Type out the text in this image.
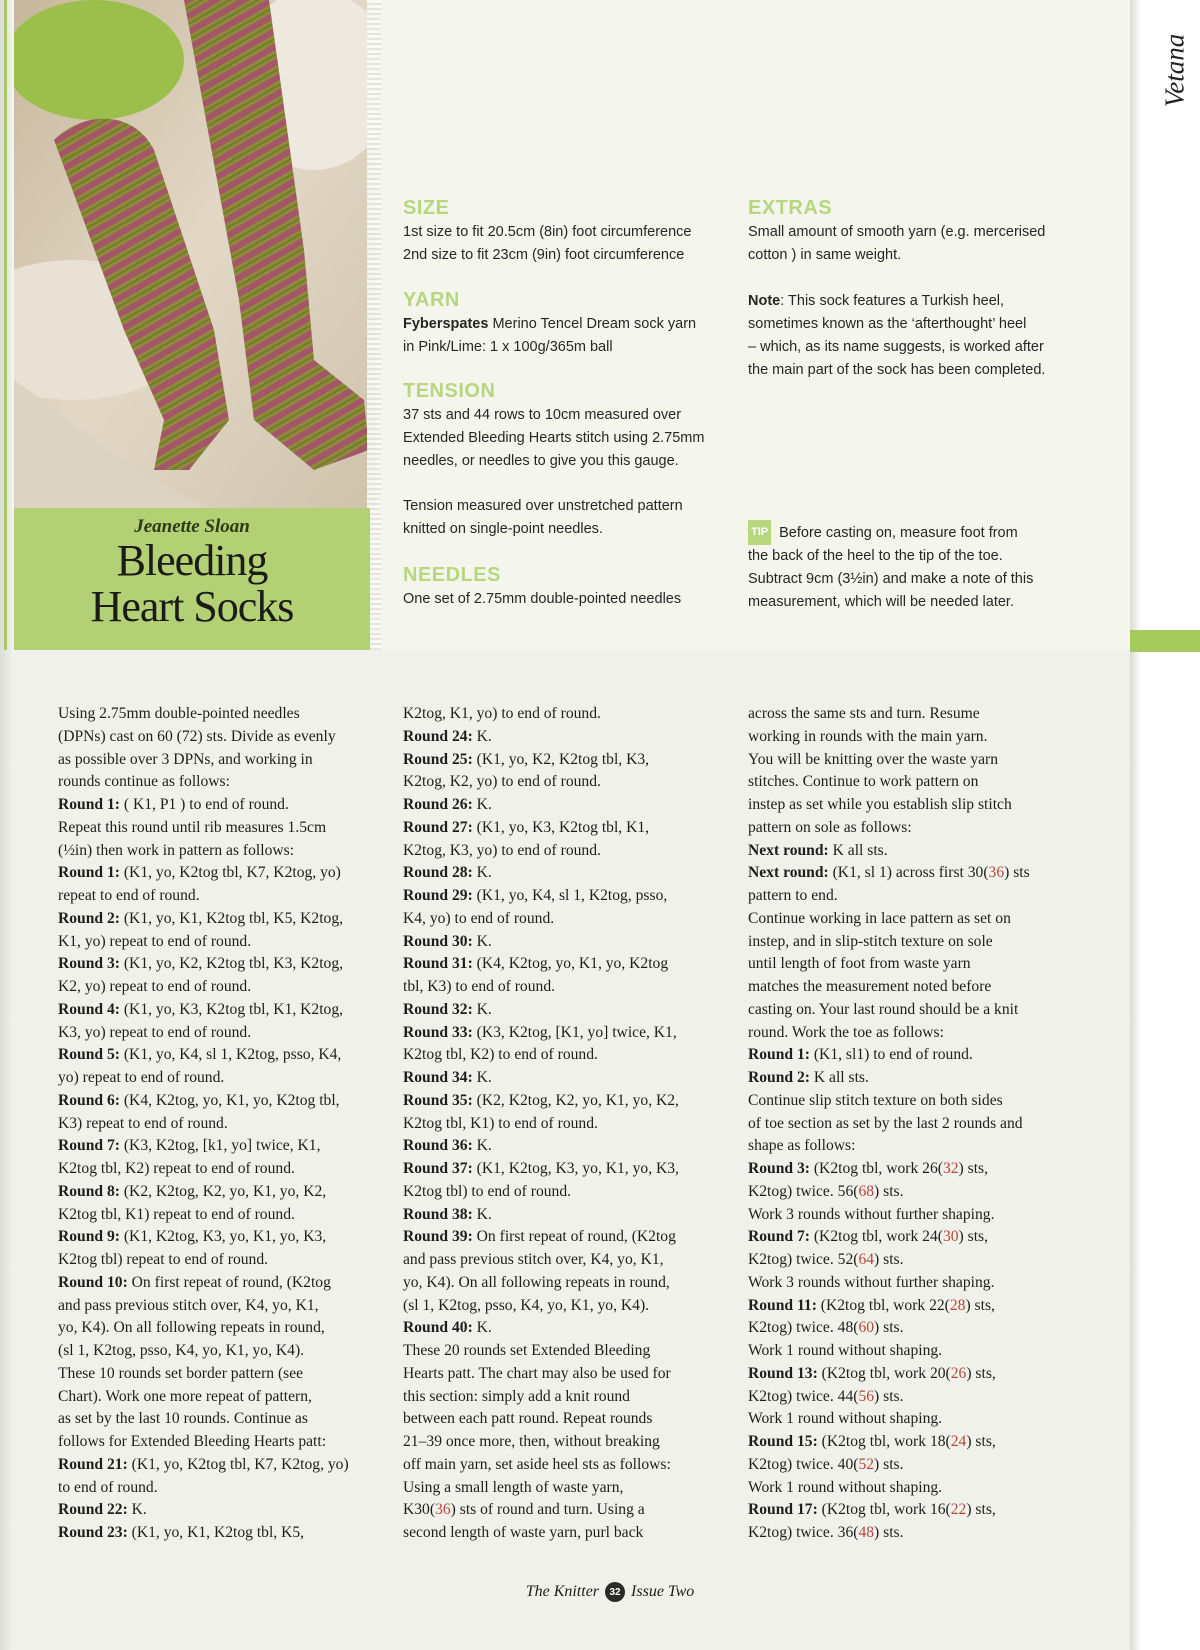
Jeanette Sloan
Bleeding
Heart Socks
SIZE

1st size to fit 20.5cm (8in) foot circumference
2nd size to fit 23cm (9in) foot circumference

YARN

Fyberspates Merino Tencel Dream sock yarn
in Pink/Lime: 1 x 100g/365m ball

TENSION

37 sts and 44 rows to 10cm measured over
Extended Bleeding Hearts stitch using 2.75mm
needles, or needles to give you this gauge.

Tension measured over unstretched pattern
knitted on single-point needles.

NEEDLES

One set of 2.75mm double-pointed needles

EXTRAS

Small amount of smooth yarn (e.g. mercerised
cotton ) in same weight.

Note: This sock features a Turkish heel,
sometimes known as the ‘afterthought’ heel
– which, as its name suggests, is worked after
the main part of the sock has been completed.

TIP Before casting on, measure foot from

the back of the heel to the tip of the toe.
Subtract 9cm (3½in) and make a note of this
measurement, which will be needed later.

Using 2.75mm double-pointed needles
(DPNs) cast on 60 (72) sts. Divide as evenly
as possible over 3 DPNs, and working in
rounds continue as follows:
Round 1: ( K1, P1 ) to end of round.
Repeat this round until rib measures 1.5cm
(½in) then work in pattern as follows:
Round 1: (K1, yo, K2tog tbl, K7, K2tog, yo)
repeat to end of round.
Round 2: (K1, yo, K1, K2tog tbl, K5, K2tog,
K1, yo) repeat to end of round.
Round 3: (K1, yo, K2, K2tog tbl, K3, K2tog,
K2, yo) repeat to end of round.
Round 4: (K1, yo, K3, K2tog tbl, K1, K2tog,
K3, yo) repeat to end of round.
Round 5: (K1, yo, K4, sl 1, K2tog, psso, K4,
yo) repeat to end of round.
Round 6: (K4, K2tog, yo, K1, yo, K2tog tbl,
K3) repeat to end of round.
Round 7: (K3, K2tog, [k1, yo] twice, K1,
K2tog tbl, K2) repeat to end of round.
Round 8: (K2, K2tog, K2, yo, K1, yo, K2,
K2tog tbl, K1) repeat to end of round.
Round 9: (K1, K2tog, K3, yo, K1, yo, K3,
K2tog tbl) repeat to end of round.
Round 10: On first repeat of round, (K2tog
and pass previous stitch over, K4, yo, K1,
yo, K4). On all following repeats in round,
(sl 1, K2tog, psso, K4, yo, K1, yo, K4).
These 10 rounds set border pattern (see
Chart). Work one more repeat of pattern,
as set by the last 10 rounds. Continue as
follows for Extended Bleeding Hearts patt:
Round 21: (K1, yo, K2tog tbl, K7, K2tog, yo)
to end of round.
Round 22: K.
Round 23: (K1, yo, K1, K2tog tbl, K5,
K2tog, K1, yo) to end of round.
Round 24: K.
Round 25: (K1, yo, K2, K2tog tbl, K3,
K2tog, K2, yo) to end of round.
Round 26: K.
Round 27: (K1, yo, K3, K2tog tbl, K1,
K2tog, K3, yo) to end of round.
Round 28: K.
Round 29: (K1, yo, K4, sl 1, K2tog, psso,
K4, yo) to end of round.
Round 30: K.
Round 31: (K4, K2tog, yo, K1, yo, K2tog
tbl, K3) to end of round.
Round 32: K.
Round 33: (K3, K2tog, [K1, yo] twice, K1,
K2tog tbl, K2) to end of round.
Round 34: K.
Round 35: (K2, K2tog, K2, yo, K1, yo, K2,
K2tog tbl, K1) to end of round.
Round 36: K.
Round 37: (K1, K2tog, K3, yo, K1, yo, K3,
K2tog tbl) to end of round.
Round 38: K.
Round 39: On first repeat of round, (K2tog
and pass previous stitch over, K4, yo, K1,
yo, K4). On all following repeats in round,
(sl 1, K2tog, psso, K4, yo, K1, yo, K4).
Round 40: K.
These 20 rounds set Extended Bleeding
Hearts patt. The chart may also be used for
this section: simply add a knit round
between each patt round. Repeat rounds
21–39 once more, then, without breaking
off main yarn, set aside heel sts as follows:
Using a small length of waste yarn,
K30(36) sts of round and turn. Using a
second length of waste yarn, purl back
across the same sts and turn. Resume
working in rounds with the main yarn.
You will be knitting over the waste yarn
stitches. Continue to work pattern on
instep as set while you establish slip stitch
pattern on sole as follows:
Next round: K all sts.
Next round: (K1, sl 1) across first 30(36) sts
pattern to end.
Continue working in lace pattern as set on
instep, and in slip-stitch texture on sole
until length of foot from waste yarn
matches the measurement noted before
casting on. Your last round should be a knit
round. Work the toe as follows:
Round 1: (K1, sl1) to end of round.
Round 2: K all sts.
Continue slip stitch texture on both sides
of toe section as set by the last 2 rounds and
shape as follows:
Round 3: (K2tog tbl, work 26(32) sts,
K2tog) twice. 56(68) sts.
Work 3 rounds without further shaping.
Round 7: (K2tog tbl, work 24(30) sts,
K2tog) twice. 52(64) sts.
Work 3 rounds without further shaping.
Round 11: (K2tog tbl, work 22(28) sts,
K2tog) twice. 48(60) sts.
Work 1 round without shaping.
Round 13: (K2tog tbl, work 20(26) sts,
K2tog) twice. 44(56) sts.
Work 1 round without shaping.
Round 15: (K2tog tbl, work 18(24) sts,
K2tog) twice. 40(52) sts.
Work 1 round without shaping.
Round 17: (K2tog tbl, work 16(22) sts,
K2tog) twice. 36(48) sts.
Vetana
The Knitter	32 Issue Two
